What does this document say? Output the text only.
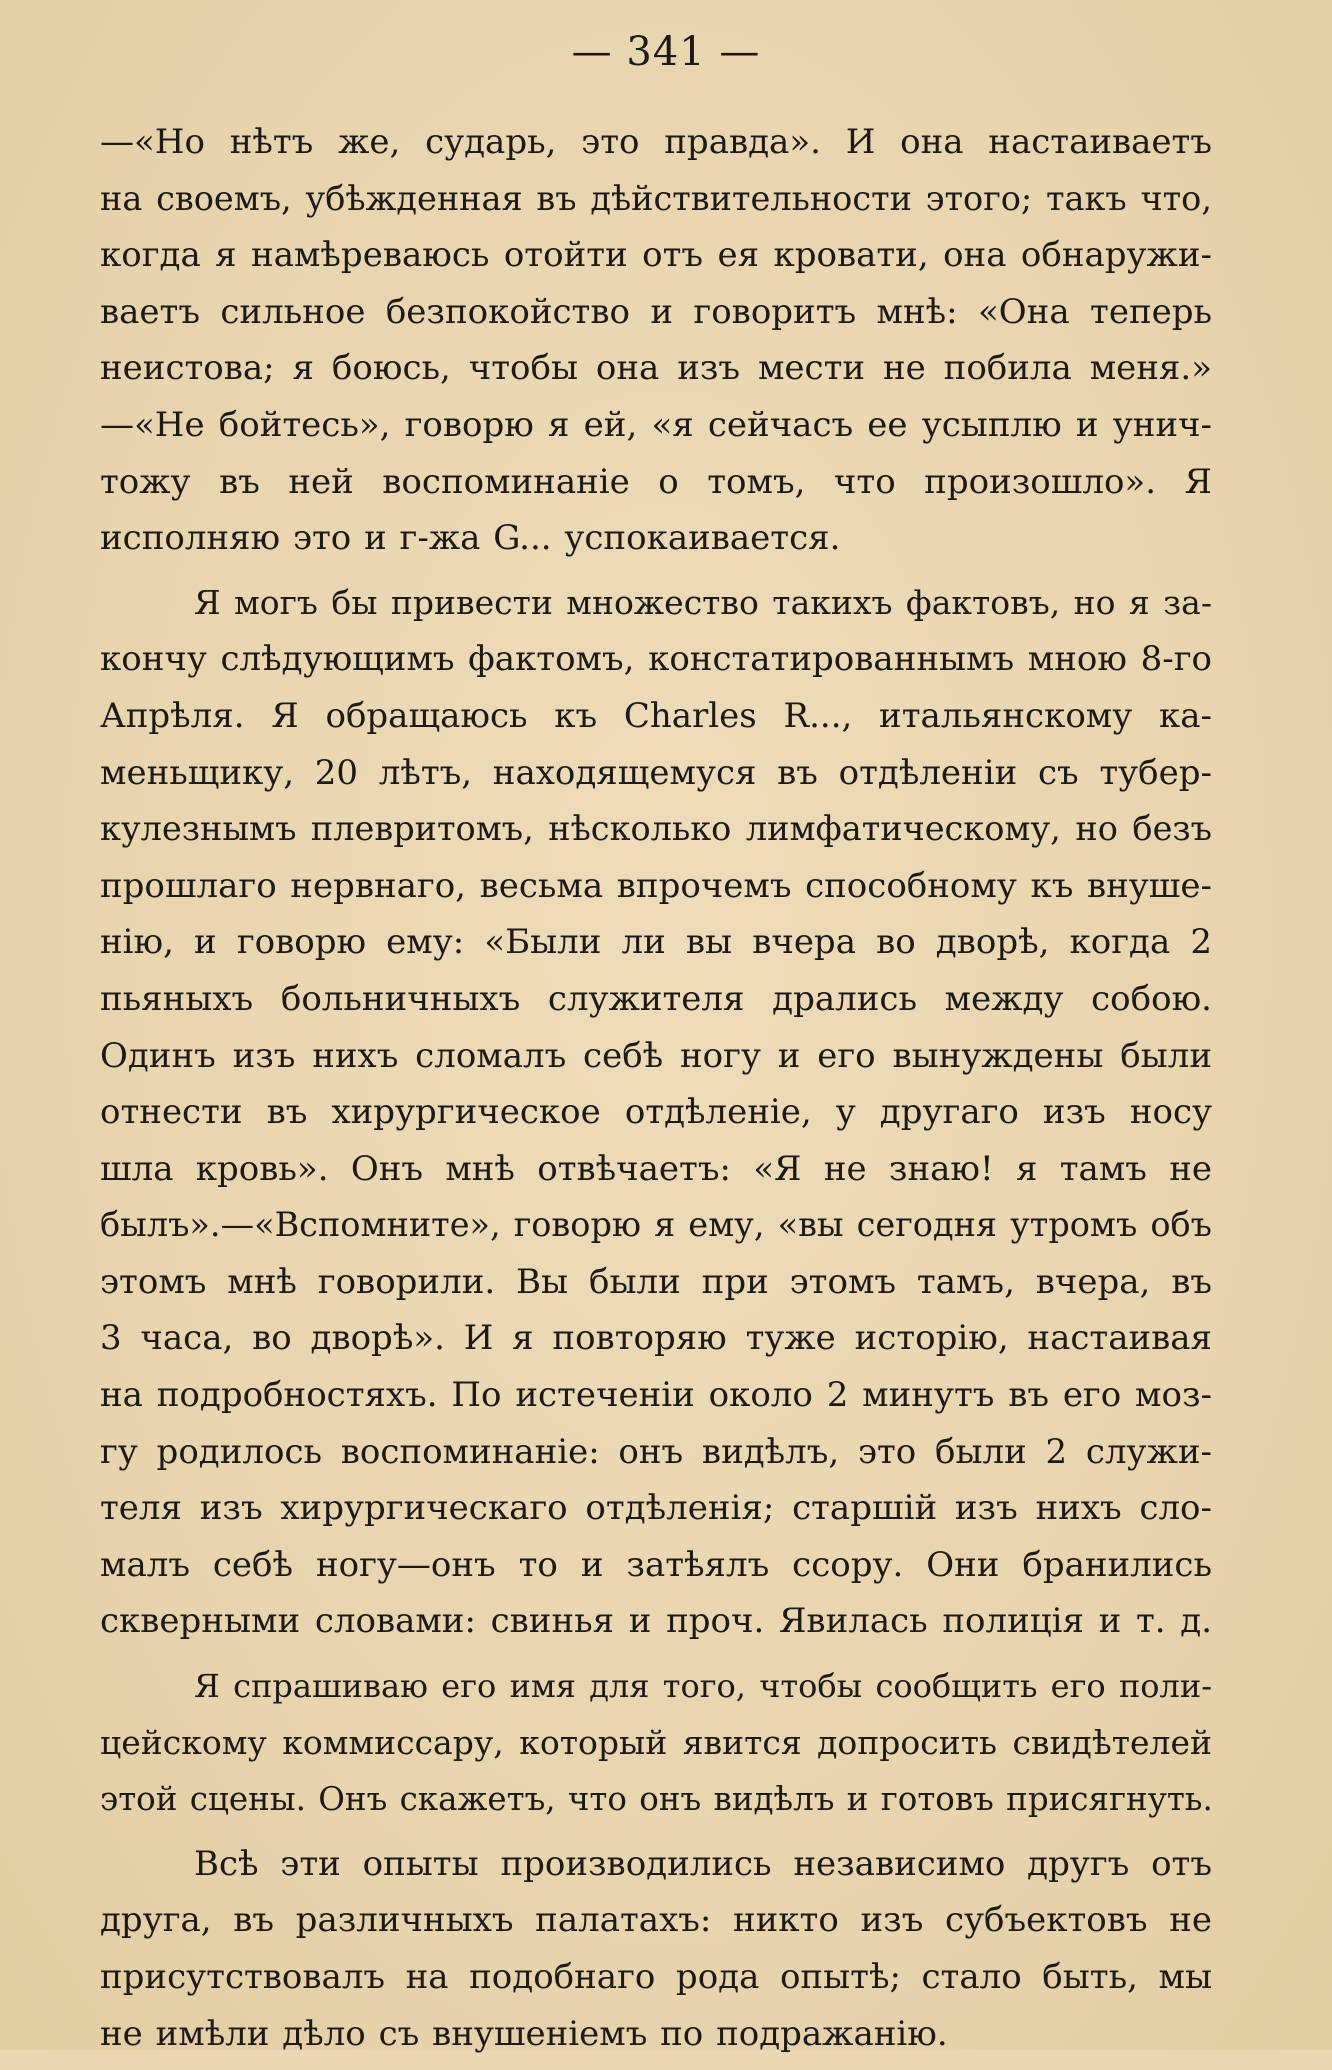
— 341 —
—«Но нѣтъ же, сударь, это правда». И она настаиваетъ
на своемъ, убѣжденная въ дѣйствительности этого; такъ что,
когда я намѣреваюсь отойти отъ ея кровати, она обнаружи-
ваетъ сильное безпокойство и говоритъ мнѣ: «Она теперь
неистова; я боюсь, чтобы она изъ мести не побила меня.»
—«Не бойтесь», говорю я ей, «я сейчасъ ее усыплю и унич-
тожу въ ней воспоминаніе о томъ, что произошло». Я
исполняю это и г-жа G... успокаивается.
Я могъ бы привести множество такихъ фактовъ, но я за-
кончу слѣдующимъ фактомъ, констатированнымъ мною 8-го
Апрѣля. Я обращаюсь къ Charles R..., итальянскому ка-
меньщику, 20 лѣтъ, находящемуся въ отдѣленіи съ тубер-
кулезнымъ плевритомъ, нѣсколько лимфатическому, но безъ
прошлаго нервнаго, весьма впрочемъ способному къ внуше-
нію, и говорю ему: «Были ли вы вчера во дворѣ, когда 2
пьяныхъ больничныхъ служителя дрались между собою.
Одинъ изъ нихъ сломалъ себѣ ногу и его вынуждены были
отнести въ хирургическое отдѣленіе, у другаго изъ носу
шла кровь». Онъ мнѣ отвѣчаетъ: «Я не знаю! я тамъ не
былъ».—«Вспомните», говорю я ему, «вы сегодня утромъ объ
этомъ мнѣ говорили. Вы были при этомъ тамъ, вчера, въ
3 часа, во дворѣ». И я повторяю туже исторію, настаивая
на подробностяхъ. По истеченіи около 2 минутъ въ его моз-
гу родилось воспоминаніе: онъ видѣлъ, это были 2 служи-
теля изъ хирургическаго отдѣленія; старшій изъ нихъ сло-
малъ себѣ ногу—онъ то и затѣялъ ссору. Они бранились
скверными словами: свинья и проч. Явилась полиція и т. д.
Я спрашиваю его имя для того, чтобы сообщить его поли-
цейскому коммиссару, который явится допросить свидѣтелей
этой сцены. Онъ скажетъ, что онъ видѣлъ и готовъ присягнуть.
Всѣ эти опыты производились независимо другъ отъ
друга, въ различныхъ палатахъ: никто изъ субъектовъ не
присутствовалъ на подобнаго рода опытѣ; стало быть, мы
не имѣли дѣло съ внушеніемъ по подражанію.
